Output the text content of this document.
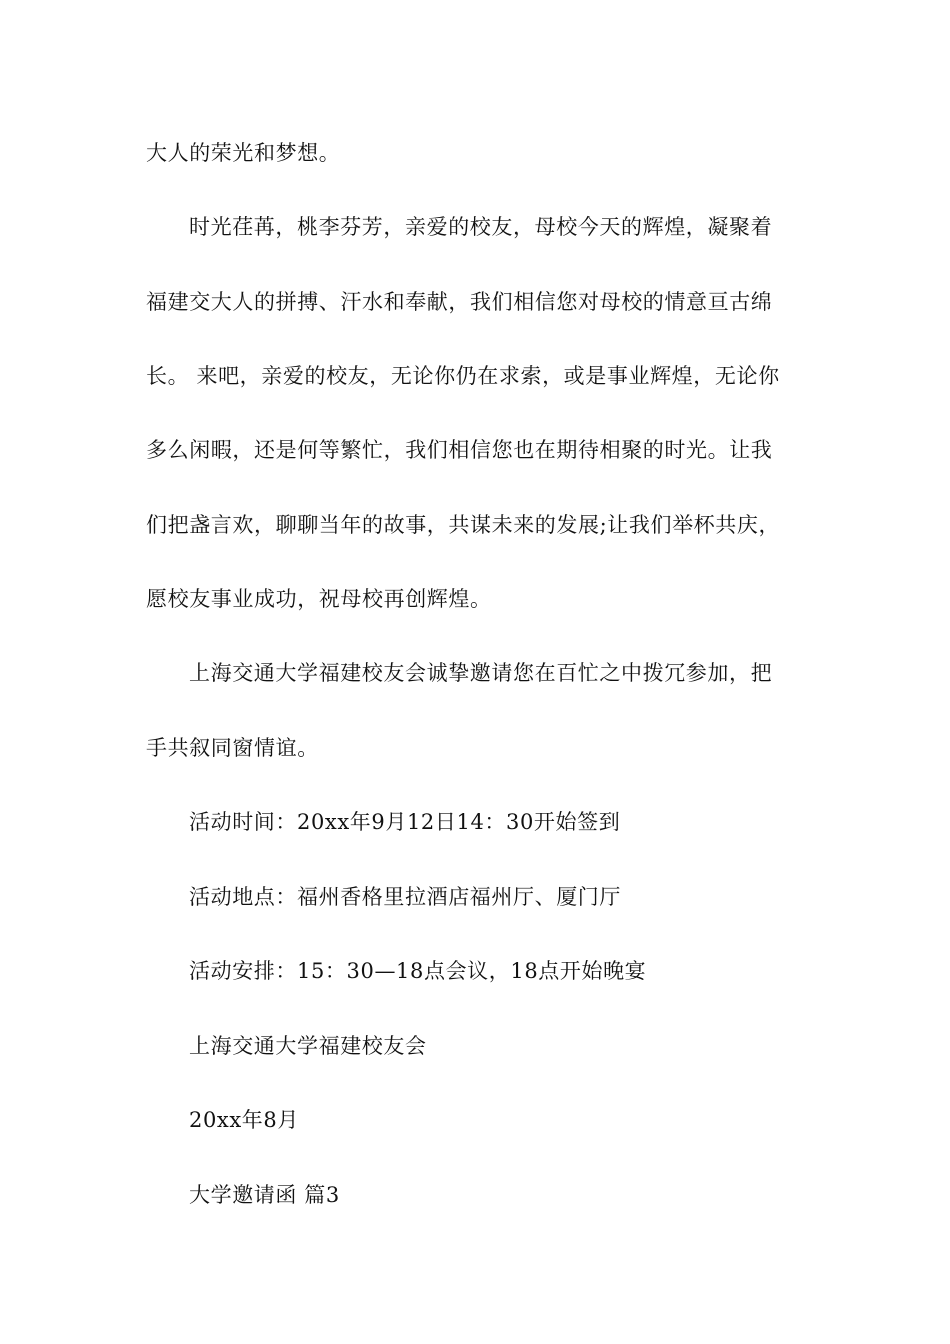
大人的荣光和梦想。
时光荏苒，桃李芬芳，亲爱的校友，母校今天的辉煌，凝聚着
福建交大人的拼搏、汗水和奉献，我们相信您对母校的情意亘古绵
长。 来吧，亲爱的校友，无论你仍在求索，或是事业辉煌，无论你
多么闲暇，还是何等繁忙，我们相信您也在期待相聚的时光。让我
们把盏言欢，聊聊当年的故事，共谋未来的发展;让我们举杯共庆，
愿校友事业成功，祝母校再创辉煌。
上海交通大学福建校友会诚挚邀请您在百忙之中拨冗参加，把
手共叙同窗情谊。
活动时间：20xx年9月12日14：30开始签到
活动地点：福州香格里拉酒店福州厅、厦门厅
活动安排：15：30—18点会议，18点开始晚宴
上海交通大学福建校友会
20xx年8月
大学邀请函 篇3
